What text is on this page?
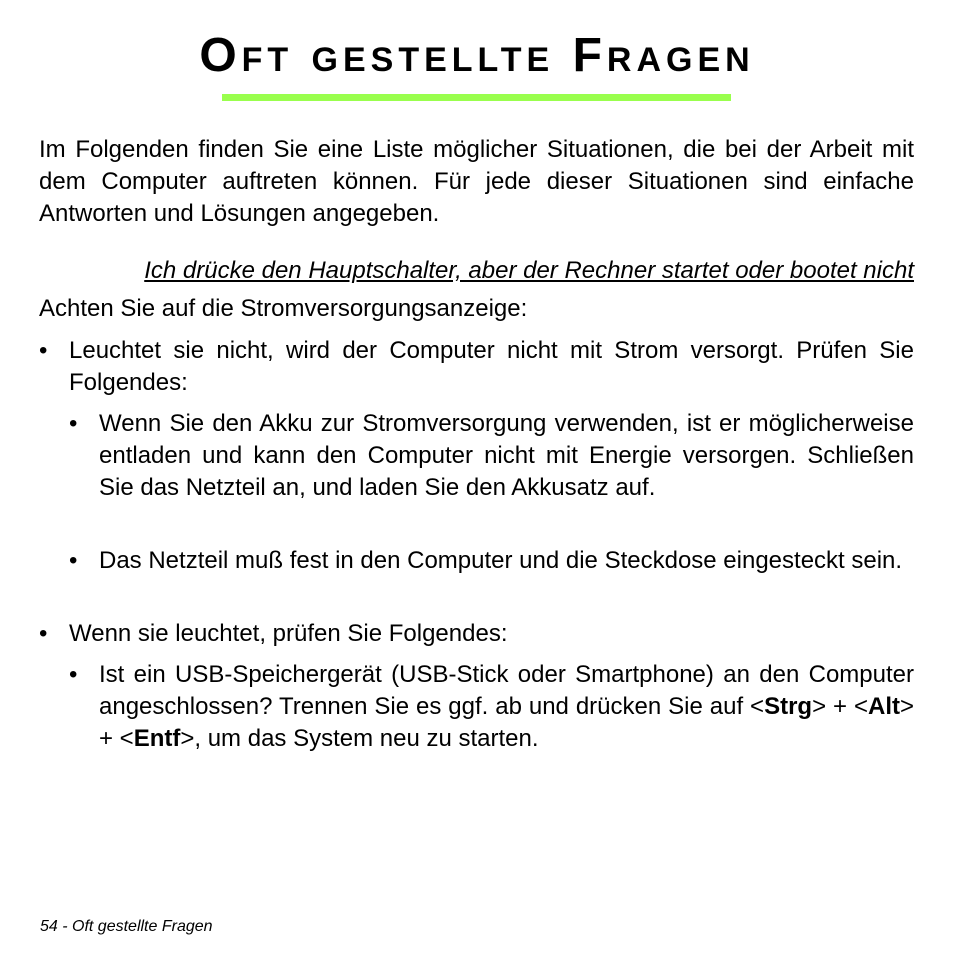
Oft gestellte Fragen
Im Folgenden finden Sie eine Liste möglicher Situationen, die bei der Arbeit mit dem Computer auftreten können. Für jede dieser Situationen sind einfache Antworten und Lösungen angegeben.
Ich drücke den Hauptschalter, aber der Rechner startet oder bootet nicht
Achten Sie auf die Stromversorgungsanzeige:
• Leuchtet sie nicht, wird der Computer nicht mit Strom versorgt. Prüfen Sie Folgendes:
• Wenn Sie den Akku zur Stromversorgung verwenden, ist er möglicherweise entladen und kann den Computer nicht mit Energie versorgen. Schließen Sie das Netzteil an, und laden Sie den Akkusatz auf.
• Das Netzteil muß fest in den Computer und die Steckdose eingesteckt sein.
• Wenn sie leuchtet, prüfen Sie Folgendes:
• Ist ein USB-Speichergerät (USB-Stick oder Smartphone) an den Computer angeschlossen? Trennen Sie es ggf. ab und drücken Sie auf <Strg> + <Alt> + <Entf>, um das System neu zu starten.
54 - Oft gestellte Fragen
